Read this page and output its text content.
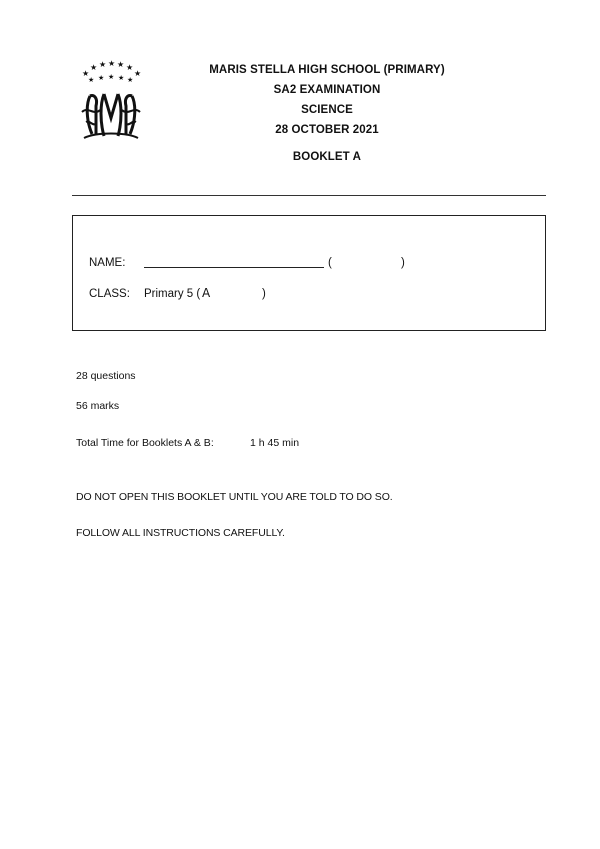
★
★ ★ ★ ★ ★
★
★ ★ ★ ★ ★
MARIS STELLA HIGH SCHOOL (PRIMARY)
SA2 EXAMINATION
SCIENCE
28 OCTOBER 2021
BOOKLET A
NAME:	(	)
CLASS: Primary 5 ( A	)
28 questions
56 marks
Total Time for Booklets A & B:	1 h 45 min
DO NOT OPEN THIS BOOKLET UNTIL YOU ARE TOLD TO DO SO.
FOLLOW ALL INSTRUCTIONS CAREFULLY.
